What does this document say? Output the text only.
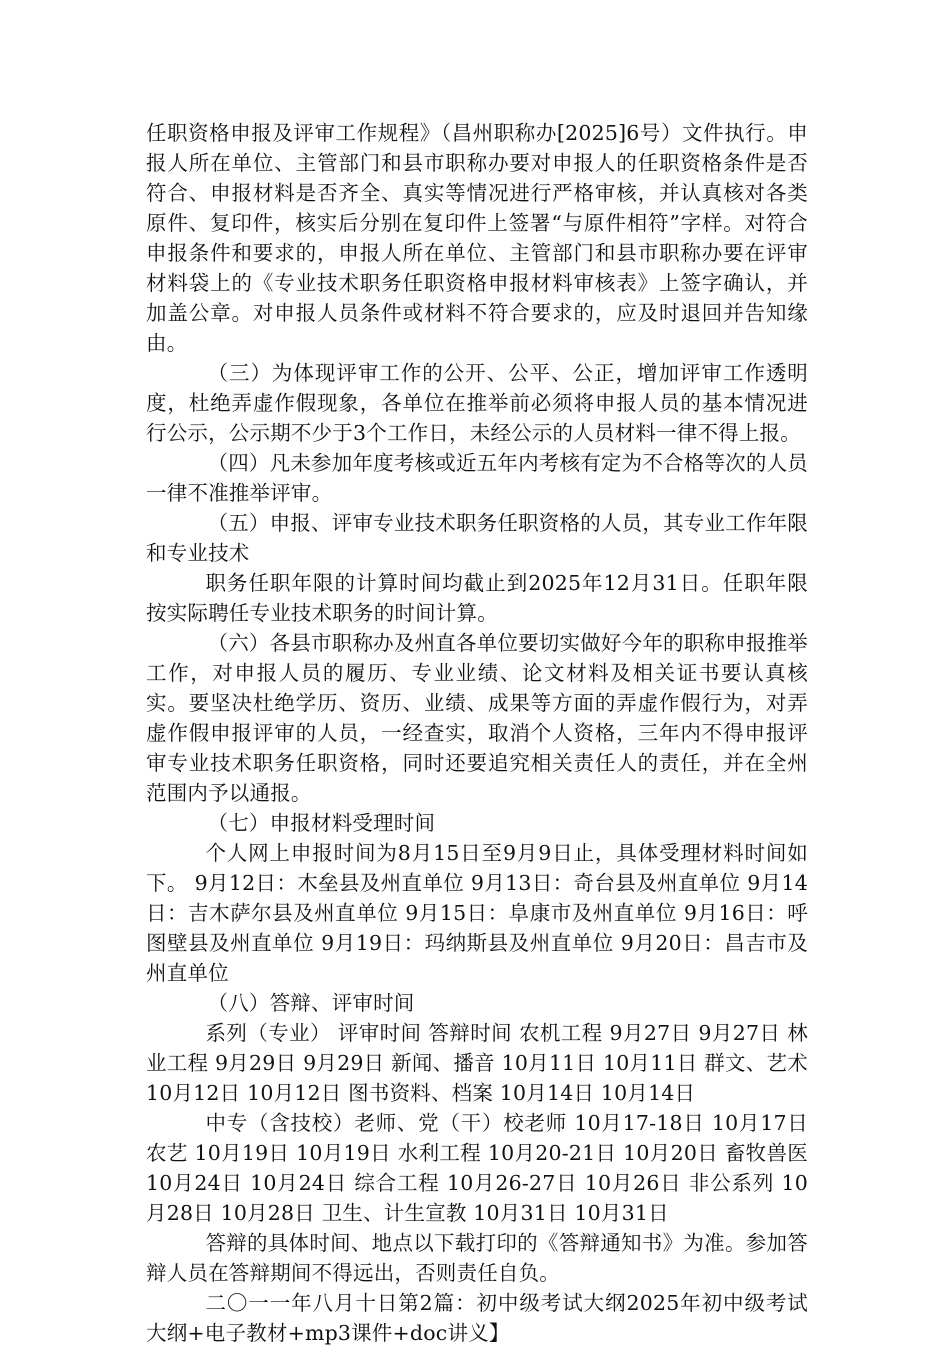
任职资格申报及评审工作规程》（昌州职称办[2025]6号）文件执行。申报人所在单位、主管部门和县市职称办要对申报人的任职资格条件是否符合、申报材料是否齐全、真实等情况进行严格审核，并认真核对各类原件、复印件，核实后分别在复印件上签署“与原件相符”字样。对符合申报条件和要求的，申报人所在单位、主管部门和县市职称办要在评审材料袋上的《专业技术职务任职资格申报材料审核表》上签字确认，并加盖公章。对申报人员条件或材料不符合要求的，应及时退回并告知缘由。

（三）为体现评审工作的公开、公平、公正，增加评审工作透明度，杜绝弄虚作假现象，各单位在推举前必须将申报人员的基本情况进行公示，公示期不少于3个工作日，未经公示的人员材料一律不得上报。

（四）凡未参加年度考核或近五年内考核有定为不合格等次的人员一律不准推举评审。

（五）申报、评审专业技术职务任职资格的人员，其专业工作年限和专业技术

职务任职年限的计算时间均截止到2025年12月31日。任职年限按实际聘任专业技术职务的时间计算。

（六）各县市职称办及州直各单位要切实做好今年的职称申报推举工作，对申报人员的履历、专业业绩、论文材料及相关证书要认真核实。要坚决杜绝学历、资历、业绩、成果等方面的弄虚作假行为，对弄虚作假申报评审的人员，一经查实，取消个人资格，三年内不得申报评审专业技术职务任职资格，同时还要追究相关责任人的责任，并在全州范围内予以通报。

（七）申报材料受理时间

个人网上申报时间为8月15日至9月9日止，具体受理材料时间如下。 9月12日：木垒县及州直单位 9月13日：奇台县及州直单位 9月14日：吉木萨尔县及州直单位 9月15日：阜康市及州直单位 9月16日：呼图壁县及州直单位 9月19日：玛纳斯县及州直单位 9月20日：昌吉市及州直单位

（八）答辩、评审时间

系列（专业） 评审时间 答辩时间 农机工程 9月27日 9月27日 林业工程 9月29日 9月29日 新闻、播音 10月11日 10月11日 群文、艺术 10月12日 10月12日 图书资料、档案 10月14日 10月14日

中专（含技校）老师、党（干）校老师 10月17-18日 10月17日 农艺 10月19日 10月19日 水利工程 10月20-21日 10月20日 畜牧兽医 10月24日 10月24日 综合工程 10月26-27日 10月26日 非公系列 10月28日 10月28日 卫生、计生宣教 10月31日 10月31日

答辩的具体时间、地点以下载打印的《答辩通知书》为准。参加答辩人员在答辩期间不得远出，否则责任自负。

二〇一一年八月十日第2篇：初中级考试大纲2025年初中级考试大纲+电子教材+mp3课件+doc讲义】
